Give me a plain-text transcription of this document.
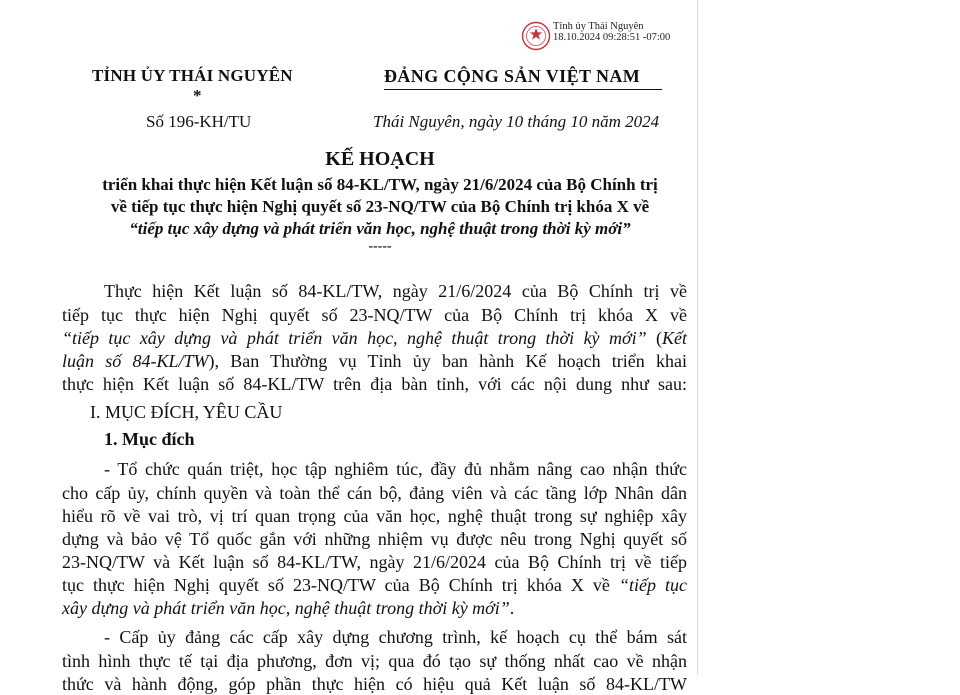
Tỉnh ủy Thái Nguyên
18.10.2024 09:28:51 -07:00
TỈNH ỦY THÁI NGUYÊN
*
Số 196-KH/TU
ĐẢNG CỘNG SẢN VIỆT NAM
Thái Nguyên, ngày 10 tháng 10 năm 2024
KẾ HOẠCH
triển khai thực hiện Kết luận số 84-KL/TW, ngày 21/6/2024 của Bộ Chính trị
về tiếp tục thực hiện Nghị quyết số 23-NQ/TW của Bộ Chính trị khóa X về
“tiếp tục xây dựng và phát triển văn học, nghệ thuật trong thời kỳ mới”
-----
Thực hiện Kết luận số 84-KL/TW, ngày 21/6/2024 của Bộ Chính trị về
tiếp tục thực hiện Nghị quyết số 23-NQ/TW của Bộ Chính trị khóa X về
“tiếp tục xây dựng và phát triển văn học, nghệ thuật trong thời kỳ mới” (Kết
luận số 84-KL/TW), Ban Thường vụ Tỉnh ủy ban hành Kế hoạch triển khai
thực hiện Kết luận số 84-KL/TW trên địa bàn tỉnh, với các nội dung như sau:
I. MỤC ĐÍCH, YÊU CẦU
1. Mục đích
- Tổ chức quán triệt, học tập nghiêm túc, đầy đủ nhằm nâng cao nhận thức
cho cấp ủy, chính quyền và toàn thể cán bộ, đảng viên và các tầng lớp Nhân dân
hiểu rõ về vai trò, vị trí quan trọng của văn học, nghệ thuật trong sự nghiệp xây
dựng và bảo vệ Tổ quốc gắn với những nhiệm vụ được nêu trong Nghị quyết số
23-NQ/TW và Kết luận số 84-KL/TW, ngày 21/6/2024 của Bộ Chính trị về tiếp
tục thực hiện Nghị quyết số 23-NQ/TW của Bộ Chính trị khóa X về “tiếp tục
xây dựng và phát triển văn học, nghệ thuật trong thời kỳ mới”.
- Cấp ủy đảng các cấp xây dựng chương trình, kế hoạch cụ thể bám sát
tình hình thực tế tại địa phương, đơn vị; qua đó tạo sự thống nhất cao về nhận
thức và hành động, góp phần thực hiện có hiệu quả Kết luận số 84-KL/TW
